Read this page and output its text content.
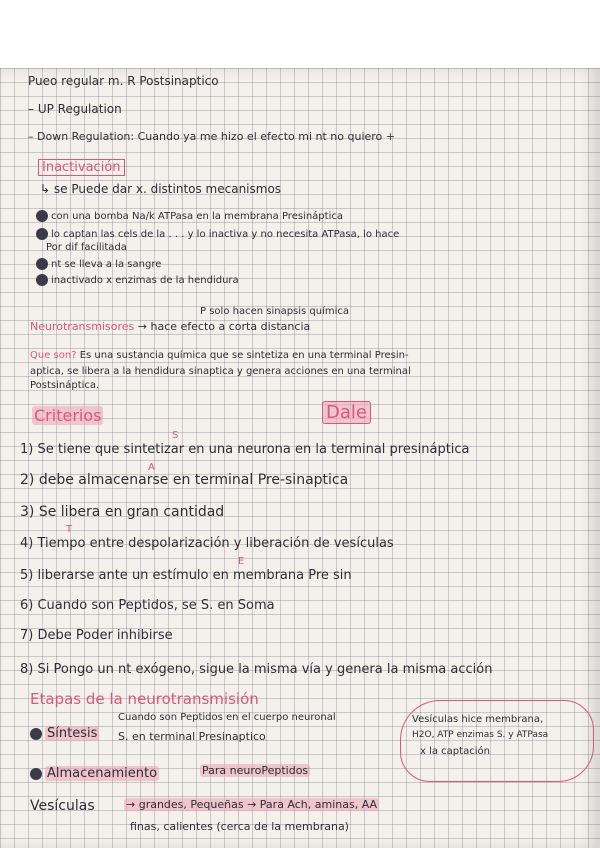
Pueo regular m. R Postsinaptico
– UP Regulation
– Down Regulation: Cuando ya me hizo el efecto mi nt no quiero +
Inactivación
↳ se Puede dar x. distintos mecanismos
con una bomba Na/k ATPasa en la membrana Presináptica
lo captan las cels de la . . . y lo inactiva y no necesita ATPasa, lo hace
Por dif facilitada
nt se lleva a la sangre
inactivado x enzimas de la hendidura
P solo hacen sinapsis química
Neurotransmisores → hace efecto a corta distancia
Que son? Es una sustancia química que se sintetiza en una terminal Presin-
aptica, se libera a la hendidura sinaptica y genera acciones en una terminal
Postsináptica.
Criterios	Dale
S
1) Se tiene que sintetizar en una neurona en la terminal presináptica
A
2) debe almacenarse en terminal Pre-sinaptica
3) Se libera en gran cantidad
T
4) Tiempo entre despolarización y liberación de vesículas
E
5) liberarse ante un estímulo en membrana Pre sin
6) Cuando son Peptidos, se S. en Soma
7) Debe Poder inhibirse
8) Si Pongo un nt exógeno, sigue la misma vía y genera la misma acción
Etapas de la neurotransmisión
Síntesis
Cuando son Peptidos en el cuerpo neuronal
S. en terminal Presinaptico
Vesículas hice membrana,
H2O, ATP enzimas S. y ATPasa
x la captación
Almacenamiento	Para neuroPeptidos
Vesículas	→ grandes, Pequeñas → Para Ach, aminas, AA
finas, calientes (cerca de la membrana)
